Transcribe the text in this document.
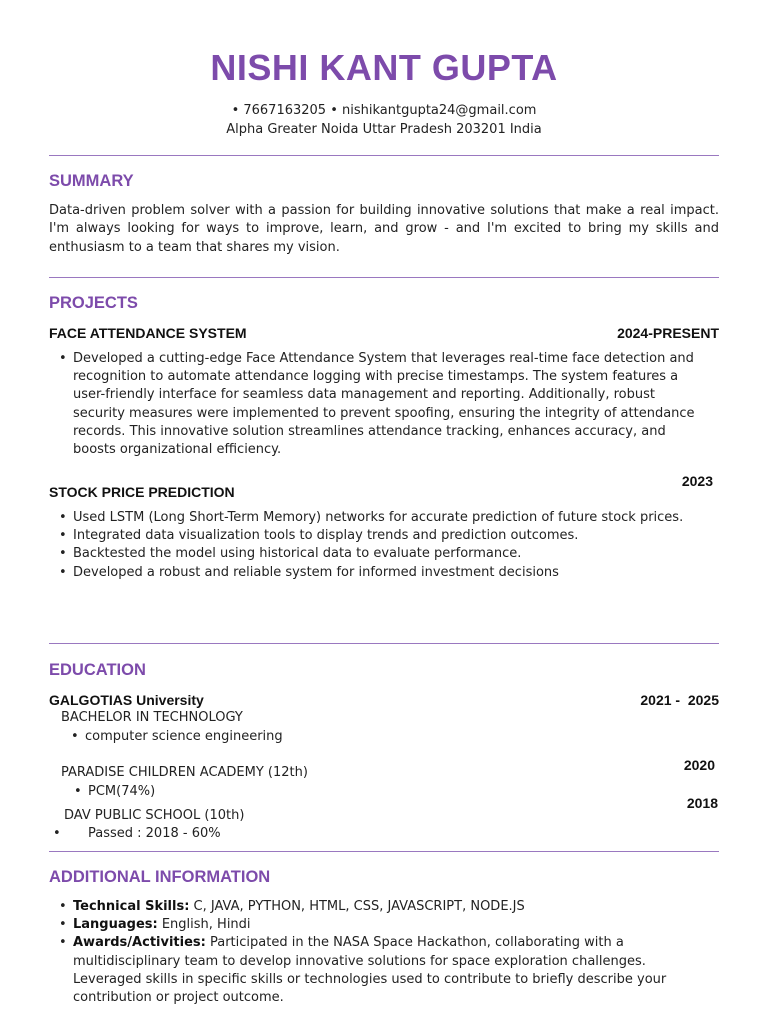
NISHI KANT GUPTA
• 7667163205 • nishikantgupta24@gmail.com
Alpha Greater Noida Uttar Pradesh 203201 India
SUMMARY
Data-driven problem solver with a passion for building innovative solutions that make a real impact. I'm always looking for ways to improve, learn, and grow - and I'm excited to bring my skills and enthusiasm to a team that shares my vision.
PROJECTS
FACE ATTENDANCE SYSTEM	2024-PRESENT
• Developed a cutting-edge Face Attendance System that leverages real-time face detection and recognition to automate attendance logging with precise timestamps. The system features a user-friendly interface for seamless data management and reporting. Additionally, robust security measures were implemented to prevent spoofing, ensuring the integrity of attendance records. This innovative solution streamlines attendance tracking, enhances accuracy, and boosts organizational efficiency.
2023
STOCK PRICE PREDICTION
• Used LSTM (Long Short-Term Memory) networks for accurate prediction of future stock prices.
• Integrated data visualization tools to display trends and prediction outcomes.
• Backtested the model using historical data to evaluate performance.
• Developed a robust and reliable system for informed investment decisions
EDUCATION
GALGOTIAS University	2021 -  2025
BACHELOR IN TECHNOLOGY
• computer science engineering
2020
PARADISE CHILDREN ACADEMY (12th)
• PCM(74%)
2018
DAV PUBLIC SCHOOL (10th)
• Passed : 2018 - 60%
ADDITIONAL INFORMATION
• Technical Skills: C, JAVA, PYTHON, HTML, CSS, JAVASCRIPT, NODE.JS
• Languages: English, Hindi
• Awards/Activities: Participated in the NASA Space Hackathon, collaborating with a multidisciplinary team to develop innovative solutions for space exploration challenges. Leveraged skills in specific skills or technologies used to contribute to briefly describe your contribution or project outcome.
